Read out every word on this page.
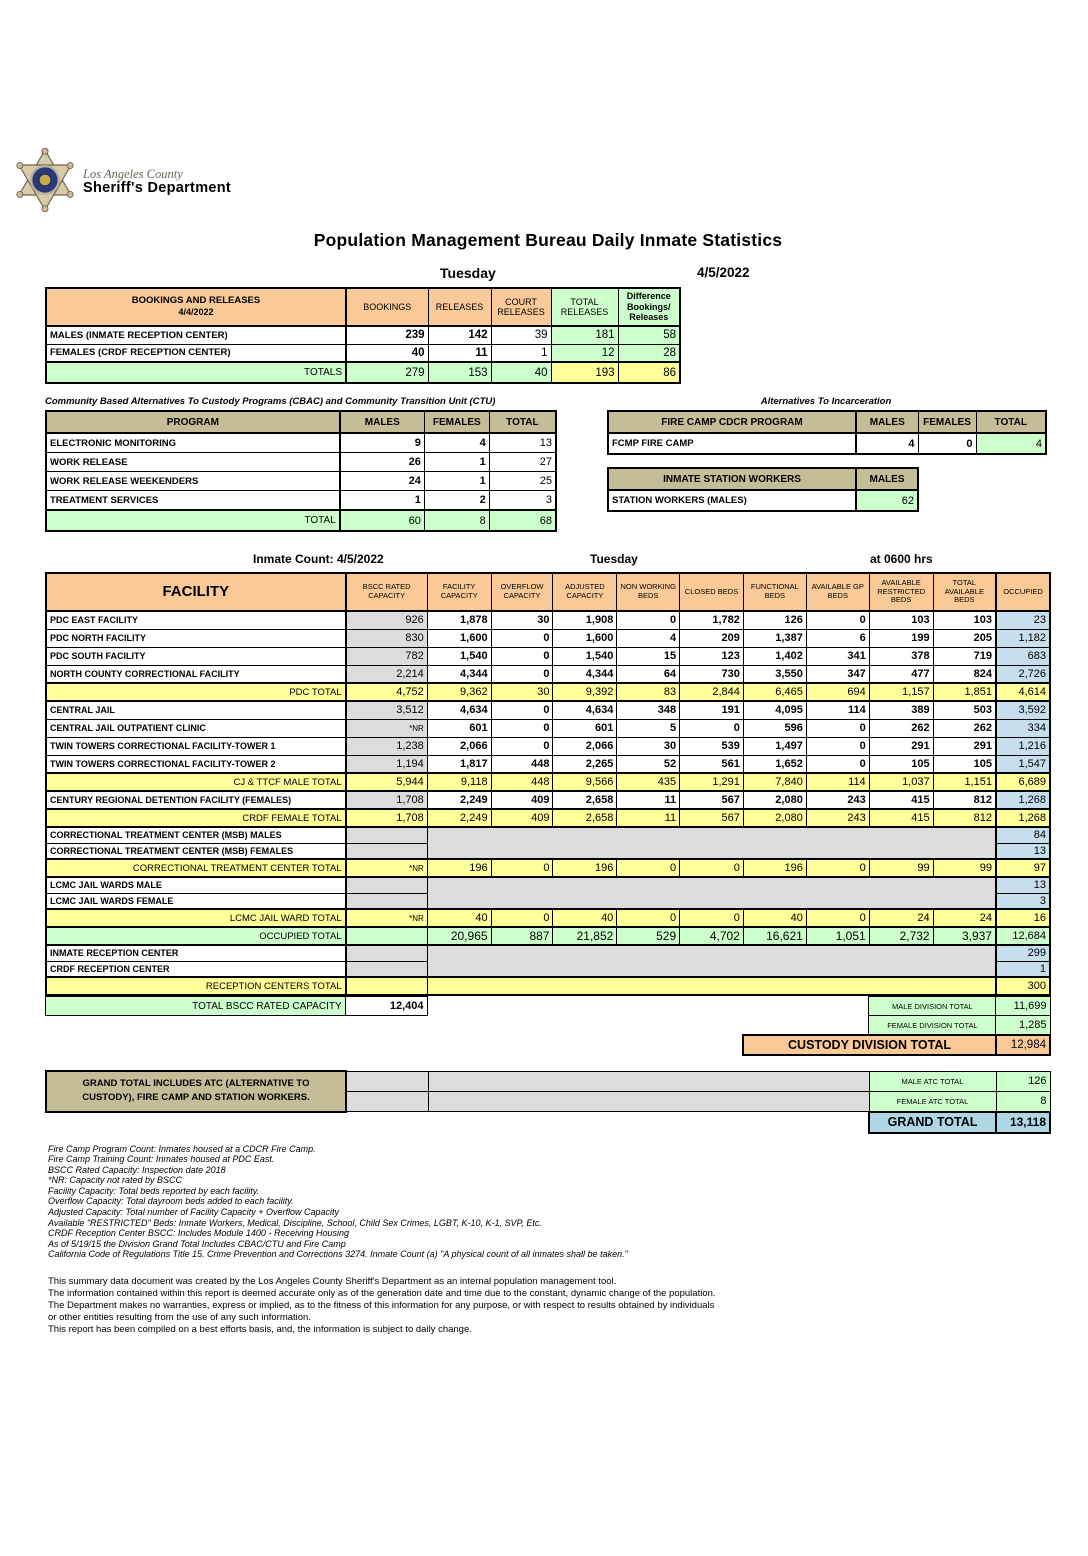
Los Angeles County
Sheriff's Department
Population Management Bureau Daily Inmate Statistics
Tuesday	4/5/2022
BOOKINGS AND RELEASES
4/4/2022	BOOKINGS	RELEASES	COURT RELEASES	TOTAL RELEASES	Difference Bookings/ Releases
MALES (INMATE RECEPTION CENTER)	239	142	39	181	58
FEMALES (CRDF RECEPTION CENTER)	40	11	1	12	28
TOTALS	279	153	40	193	86
Community Based Alternatives To Custody Programs (CBAC) and Community Transition Unit (CTU)
PROGRAM	MALES	FEMALES	TOTAL
ELECTRONIC MONITORING	9	4	13
WORK RELEASE	26	1	27
WORK RELEASE WEEKENDERS	24	1	25
TREATMENT SERVICES	1	2	3
TOTAL	60	8	68
Alternatives To Incarceration
FIRE CAMP CDCR PROGRAM	MALES	FEMALES	TOTAL
FCMP FIRE CAMP	4	0	4
INMATE STATION WORKERS	MALES
STATION WORKERS (MALES)	62
Inmate Count: 4/5/2022	Tuesday	at 0600 hrs
FACILITY	BSCC RATED CAPACITY	FACILITY CAPACITY	OVERFLOW CAPACITY	ADJUSTED CAPACITY	NON WORKING BEDS	CLOSED BEDS	FUNCTIONAL BEDS	AVAILABLE GP BEDS	AVAILABLE RESTRICTED BEDS	TOTAL AVAILABLE BEDS	OCCUPIED
PDC EAST FACILITY	926	1,878	30	1,908	0	1,782	126	0	103	103	23
PDC NORTH FACILITY	830	1,600	0	1,600	4	209	1,387	6	199	205	1,182
PDC SOUTH FACILITY	782	1,540	0	1,540	15	123	1,402	341	378	719	683
NORTH COUNTY CORRECTIONAL FACILITY	2,214	4,344	0	4,344	64	730	3,550	347	477	824	2,726
PDC TOTAL	4,752	9,362	30	9,392	83	2,844	6,465	694	1,157	1,851	4,614
CENTRAL JAIL	3,512	4,634	0	4,634	348	191	4,095	114	389	503	3,592
CENTRAL JAIL OUTPATIENT CLINIC	*NR	601	0	601	5	0	596	0	262	262	334
TWIN TOWERS CORRECTIONAL FACILITY-TOWER 1	1,238	2,066	0	2,066	30	539	1,497	0	291	291	1,216
TWIN TOWERS CORRECTIONAL FACILITY-TOWER 2	1,194	1,817	448	2,265	52	561	1,652	0	105	105	1,547
CJ & TTCF MALE TOTAL	5,944	9,118	448	9,566	435	1,291	7,840	114	1,037	1,151	6,689
CENTURY REGIONAL DETENTION FACILITY (FEMALES)	1,708	2,249	409	2,658	11	567	2,080	243	415	812	1,268
CRDF FEMALE TOTAL	1,708	2,249	409	2,658	11	567	2,080	243	415	812	1,268
CORRECTIONAL TREATMENT CENTER (MSB) MALES											84
CORRECTIONAL TREATMENT CENTER (MSB) FEMALES											13
CORRECTIONAL TREATMENT CENTER TOTAL	*NR	196	0	196	0	0	196	0	99	99	97
LCMC JAIL WARDS MALE											13
LCMC JAIL WARDS FEMALE											3
LCMC JAIL WARD TOTAL	*NR	40	0	40	0	0	40	0	24	24	16
OCCUPIED TOTAL		20,965	887	21,852	529	4,702	16,621	1,051	2,732	3,937	12,684
INMATE RECEPTION CENTER											299
CRDF RECEPTION CENTER											1
RECEPTION CENTERS TOTAL											300
TOTAL BSCC RATED CAPACITY	12,404			MALE DIVISION TOTAL	11,699
				FEMALE DIVISION TOTAL	1,285
			CUSTODY DIVISION TOTAL		12,984
GRAND TOTAL INCLUDES ATC (ALTERNATIVE TO
CUSTODY), FIRE CAMP AND STATION WORKERS.			MALE ATC TOTAL	126
			FEMALE ATC TOTAL	8
			GRAND TOTAL	13,118
Fire Camp Program Count: Inmates housed at a CDCR Fire Camp.
Fire Camp Training Count: Inmates housed at PDC East.
BSCC Rated Capacity: Inspection date 2018
*NR: Capacity not rated by BSCC
Facility Capacity: Total beds reported by each facility.
Overflow Capacity: Total dayroom beds added to each facility.
Adjusted Capacity: Total number of Facility Capacity + Overflow Capacity
Available "RESTRICTED" Beds: Inmate Workers, Medical, Discipline, School, Child Sex Crimes, LGBT, K-10, K-1, SVP, Etc.
CRDF Reception Center BSCC: Includes Module 1400 - Receiving Housing
As of 5/19/15 the Division Grand Total Includes CBAC/CTU and Fire Camp
California Code of Regulations Title 15. Crime Prevention and Corrections 3274. Inmate Count (a) "A physical count of all inmates shall be taken."
This summary data document was created by the Los Angeles County Sheriff's Department as an internal population management tool.
The information contained within this report is deemed accurate only as of the generation date and time due to the constant, dynamic change of the population.
The Department makes no warranties, express or implied, as to the fitness of this information for any purpose, or with respect to results obtained by individuals
or other entities resulting from the use of any such information.
This report has been compiled on a best efforts basis, and, the information is subject to daily change.
